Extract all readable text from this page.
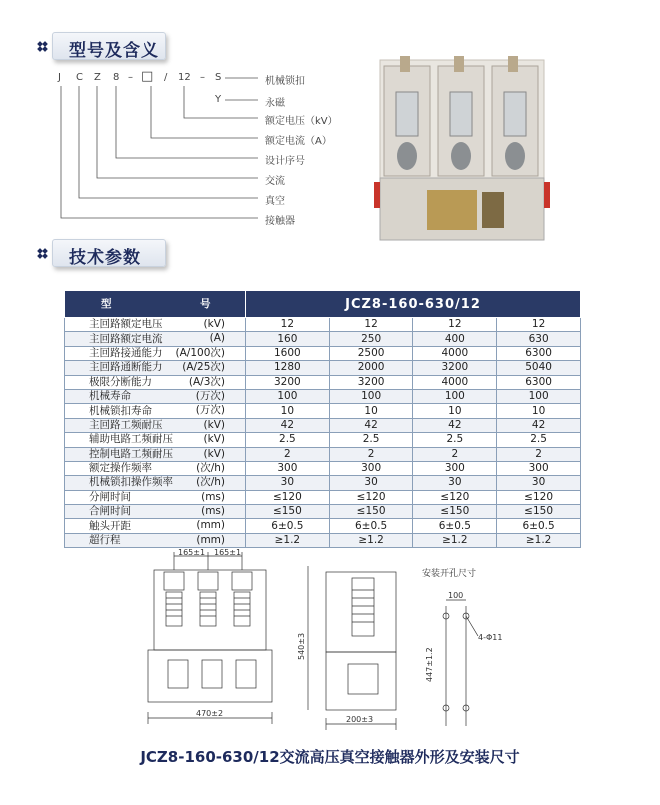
型号及含义
J C Z 8 – □ / 12 – S
Y
机械锁扣
永磁
额定电压（kV）
额定电流（A）
设计序号
交流
真空
接触器
技术参数
型 号	JCZ8-160-630/12			
主回路额定电压 (kV)	12	12	12	12
主回路额定电流 (A)	160	250	400	630
主回路接通能力 (A/100次)	1600	2500	4000	6300
主回路通断能力 (A/25次)	1280	2000	3200	5040
极限分断能力 (A/3次)	3200	3200	4000	6300
机械寿命 (万次)	100	100	100	100
机械锁扣寿命 (万次)	10	10	10	10
主回路工频耐压 (kV)	42	42	42	42
辅助电路工频耐压 (kV)	2.5	2.5	2.5	2.5
控制电路工频耐压 (kV)	2	2	2	2
额定操作频率 (次/h)	300	300	300	300
机械锁扣操作频率 (次/h)	30	30	30	30
分闸时间 (ms)	≤120	≤120	≤120	≤120
合闸时间 (ms)	≤150	≤150	≤150	≤150
触头开距 (mm)	6±0.5	6±0.5	6±0.5	6±0.5
超行程 (mm)	≥1.2	≥1.2	≥1.2	≥1.2
165±1 165±1
470±2
540±3
200±3
安装开孔尺寸
100
4-Φ11
447±1.2
JCZ8-160-630/12交流高压真空接触器外形及安装尺寸
